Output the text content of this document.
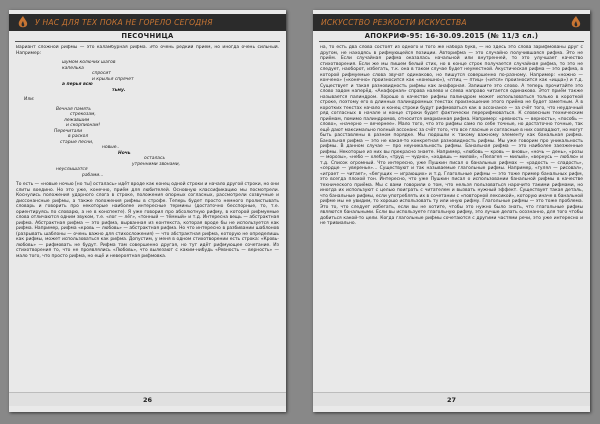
У НАС ДЛЯ ТЕХ ПОКА НЕ ГОРЕЛО СЕГОДНЯ
ПЕСОЧНИЦА

Вариант сложной рифмы — это каламбурная рифма. Это очень редкий приём, но иногда очень сильный. Например:

шумом колючих шагов
капелька
спросит
и крылья спрячет
а перья всю
тьму.

Или:

Вечная память
стрекозам,
лежавшим
и скорпионам!
Перечитали
в раскол
старые песни,
новые..
Ночь
осталась
утренними звонами,
неуслышатся
рабами...

То есть — «новые ночью [но ты] осталась» идёт вроде как конец одной строки и начало другой строки, но они слиты воедино. Но это уже, конечно, приём для любителей. Основную классификацию мы посмотрели. Коснулись положения ударного слога в строке, положения опорных согласных, рассмотрели созвучные и диссонансные рифмы, а также положения рифмы в строфе. Теперь будет просто немного пролистывать словарь и говорить про некоторые наиболее интересные термины (достаточно бесспорные, то, т.е. ориентируясь по словарю, а не в конспекте). Я уже говорил про абсолютную рифму, в которой рифмуемые слова отличаются одним звуком, т.е. «лог — лёг», «тонный — тёмный» и т.д. Интересна вещь — абстрактная рифма. Абстрактная рифма — это рифма, вырванная из контекста, которая вроде бы не используется как рифма. Например, рифма «кровь — любовь» — абстрактная рифма. Но что интересно в разбивании шаблонов (разрывать шаблоны — очень важно для стихосложения) — что абстрактная рифма, которую не определишь как рифмы, может использоваться как рифма. Допустим, у меня в одном стихотворении есть строка: «Кровь-любовь» — рифмовать не будут. Рифма там совершенно другая, но тут идёт рифмующее сочетание. Из стихотворения то, что не проявлялись «Любовь», что вылезают с каким-нибудь «Ревность — верность» — мало того, что просто рифма, но ещё и невероятная рифмовка.

26
ИСКУССТВО РЕЗКОСТИ ИСКУССТВА
АПОКРИФ-95: 16-30.09.2015 (№ 11/3 сл.)

на, то есть два слова состоят из одного и того же набора букв, — но здесь это слова зарифмованы друг с другом, не находясь в рифмующейся позиции. Авторифма — это случайно получившаяся рифма. Это не приём. Если случайная рифма оказалась начальной или внутренней, то это улучшает качество стихотворения. Если же мы пишем белый стих, но в конце строк получается случайная рифма, то это не следует, наоборот, избегать, т.к. она в таком случае будет неуместной. Акустическая рифма — это рифма, в которой рифмуемые слова звучат одинаково, но пишутся совершенно по-разному. Например: «ножно — кончено» («конечно» произносится как «конешно»), «птиц — птиц» («ится» произносится как «ицца») и т.д. Существует и такая разновидность рифмы как анафорная. Запишите это слово. А теперь прочитайте это слово задом наперёд. «Анафорная» справа налево и слева направо читается одинаково. Этот приём также называется палиндром. Хорошо в качестве рифмы палиндром может использоваться только в короткой строке, поэтому его в длинных палиндромных текстах произношение этого приёма не будет заметным. А в коротких текстах начало и конец строки будут рифмоваться как в ассонансе — за счёт того, что неудачный ряд согласных в начале и конце строки будет фактически перерифмоваться. К словесным техническим приёмам, помимо палиндромов, относится омарианная рифма. Например: «ревность — верность», «пособь — слово», «начерно — вечернее». Мало того, что это рифмы само по себе точные, но достаточно точные, так ещё дают максимально полный ассонанс за счёт того, что все гласные и согласные в них совпадают, но могут быть расставлены в разном порядке. Мы подошли к такому важному элементу как банальная рифма. Банальная рифма — это не какая-то конкретная разновидность рифмы. Мы уже говорим про уникальность рифмы. В данном случае — про неуникальность рифмы. Банальная рифма — это наиболее заезженные рифмы. Некоторые из них вы прекрасно знаете. Например, «любовь — кровь — вновь», «ночь — день», «розы — морозы», «небо — хлеба», «труд — чудно», «ходишь — милой», «Пелагея — милый», «вернусь — люблю» и т.д. Список огромный. Что интересно, уже Пушкин писал о банальных рифмах — «радость — сладость», «сердце — уверенье»… Существуют и так называемые глагольные рифмы. Например, «гулял — рисовал», «играет — читает», «бегущих — играющих» и т.д. Глагольные рифмы — это тоже пример банальных рифм, это всегда плохой тон. Интересно, что уже Пушкин писал о использовании банальной рифмы в качестве технического приёма. Мы с вами говорили о том, что нельзя пользоваться нарочито такими рифмами, но иногда их используют с целью поиграть с читателем и вызвать нужный эффект. Существует такая деталь, что банальные рифмы, если употреблять их в сочетании с «повторной лексикой», которую иначе в банальной рифме мы не увидим, то хорошо использовать ту или иную рифму. Глагольные рифмы — это тоже проблема. Это то, что следует избегать, если вы не хотите, чтобы это нужно было знать, что глагольные рифмы являются банальными. Если вы используете глагольную рифму, это лучше делать осознанно, для того чтобы добиться какой-то цели. Когда глагольные рифмы сочетаются с другими частями речи, это уже интересно и не тривиально.

27
